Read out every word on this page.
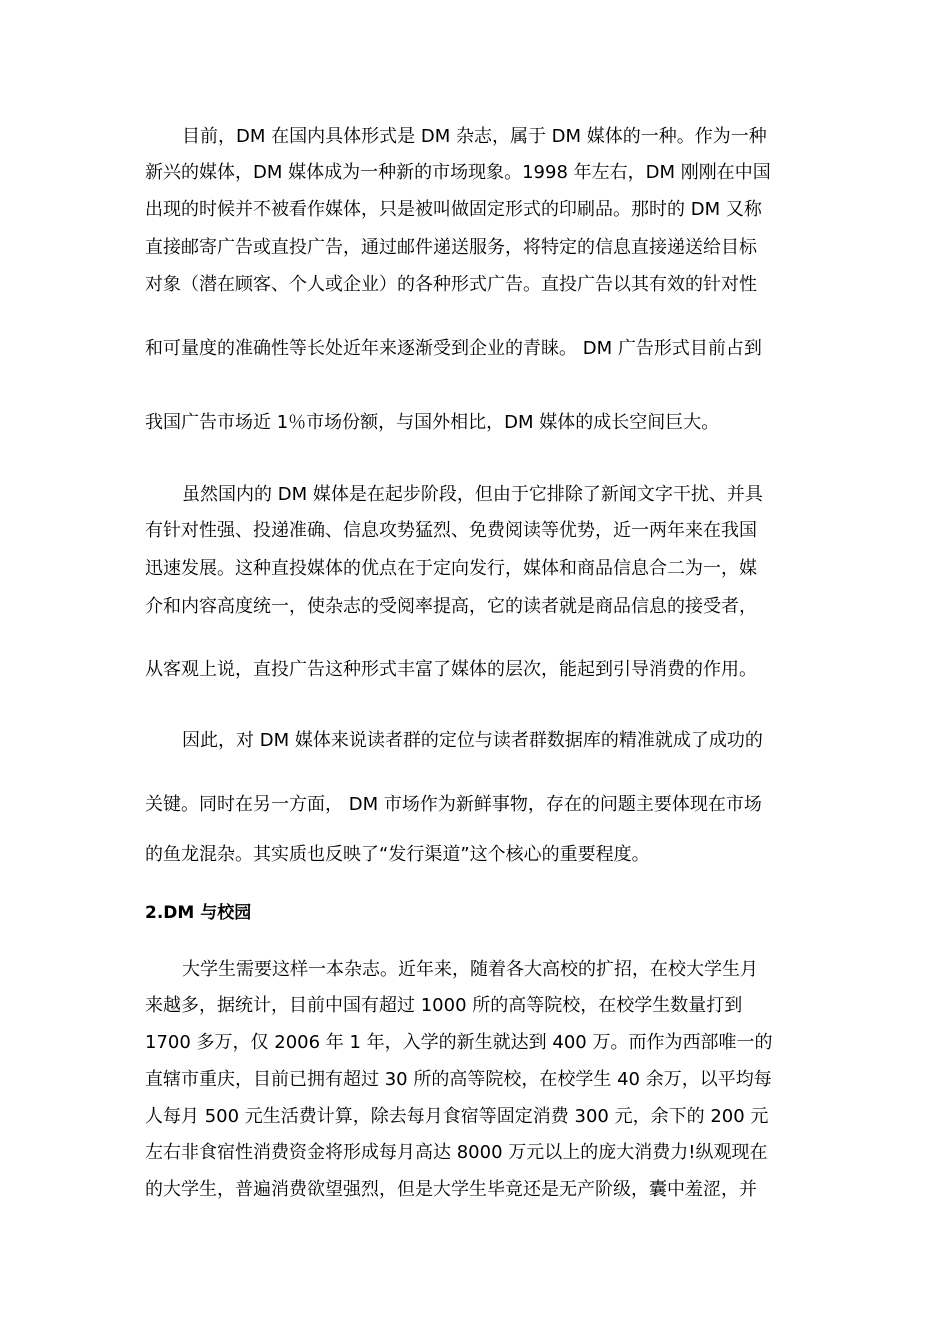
目前，DM 在国内具体形式是 DM 杂志，属于 DM 媒体的一种。作为一种
新兴的媒体，DM 媒体成为一种新的市场现象。1998 年左右，DM 刚刚在中国
出现的时候并不被看作媒体，只是被叫做固定形式的印刷品。那时的 DM 又称
直接邮寄广告或直投广告，通过邮件递送服务，将特定的信息直接递送给目标
对象（潜在顾客、个人或企业）的各种形式广告。直投广告以其有效的针对性
和可量度的准确性等长处近年来逐渐受到企业的青睐。 DM 广告形式目前占到
我国广告市场近 1％市场份额，与国外相比，DM 媒体的成长空间巨大。
虽然国内的 DM 媒体是在起步阶段，但由于它排除了新闻文字干扰、并具
有针对性强、投递准确、信息攻势猛烈、免费阅读等优势，近一两年来在我国
迅速发展。这种直投媒体的优点在于定向发行，媒体和商品信息合二为一，媒
介和内容高度统一，使杂志的受阅率提高，它的读者就是商品信息的接受者，
从客观上说，直投广告这种形式丰富了媒体的层次，能起到引导消费的作用。
因此，对 DM 媒体来说读者群的定位与读者群数据库的精准就成了成功的
关键。同时在另一方面， DM 市场作为新鲜事物，存在的问题主要体现在市场
的鱼龙混杂。其实质也反映了“发行渠道”这个核心的重要程度。
2.DM 与校园
大学生需要这样一本杂志。近年来，随着各大高校的扩招，在校大学生月
来越多，据统计，目前中国有超过 1000 所的高等院校，在校学生数量打到
1700 多万，仅 2006 年 1 年，入学的新生就达到 400 万。而作为西部唯一的
直辖市重庆，目前已拥有超过 30 所的高等院校，在校学生 40 余万，以平均每
人每月 500 元生活费计算，除去每月食宿等固定消费 300 元，余下的 200 元
左右非食宿性消费资金将形成每月高达 8000 万元以上的庞大消费力!纵观现在
的大学生，普遍消费欲望强烈，但是大学生毕竟还是无产阶级，囊中羞涩，并
